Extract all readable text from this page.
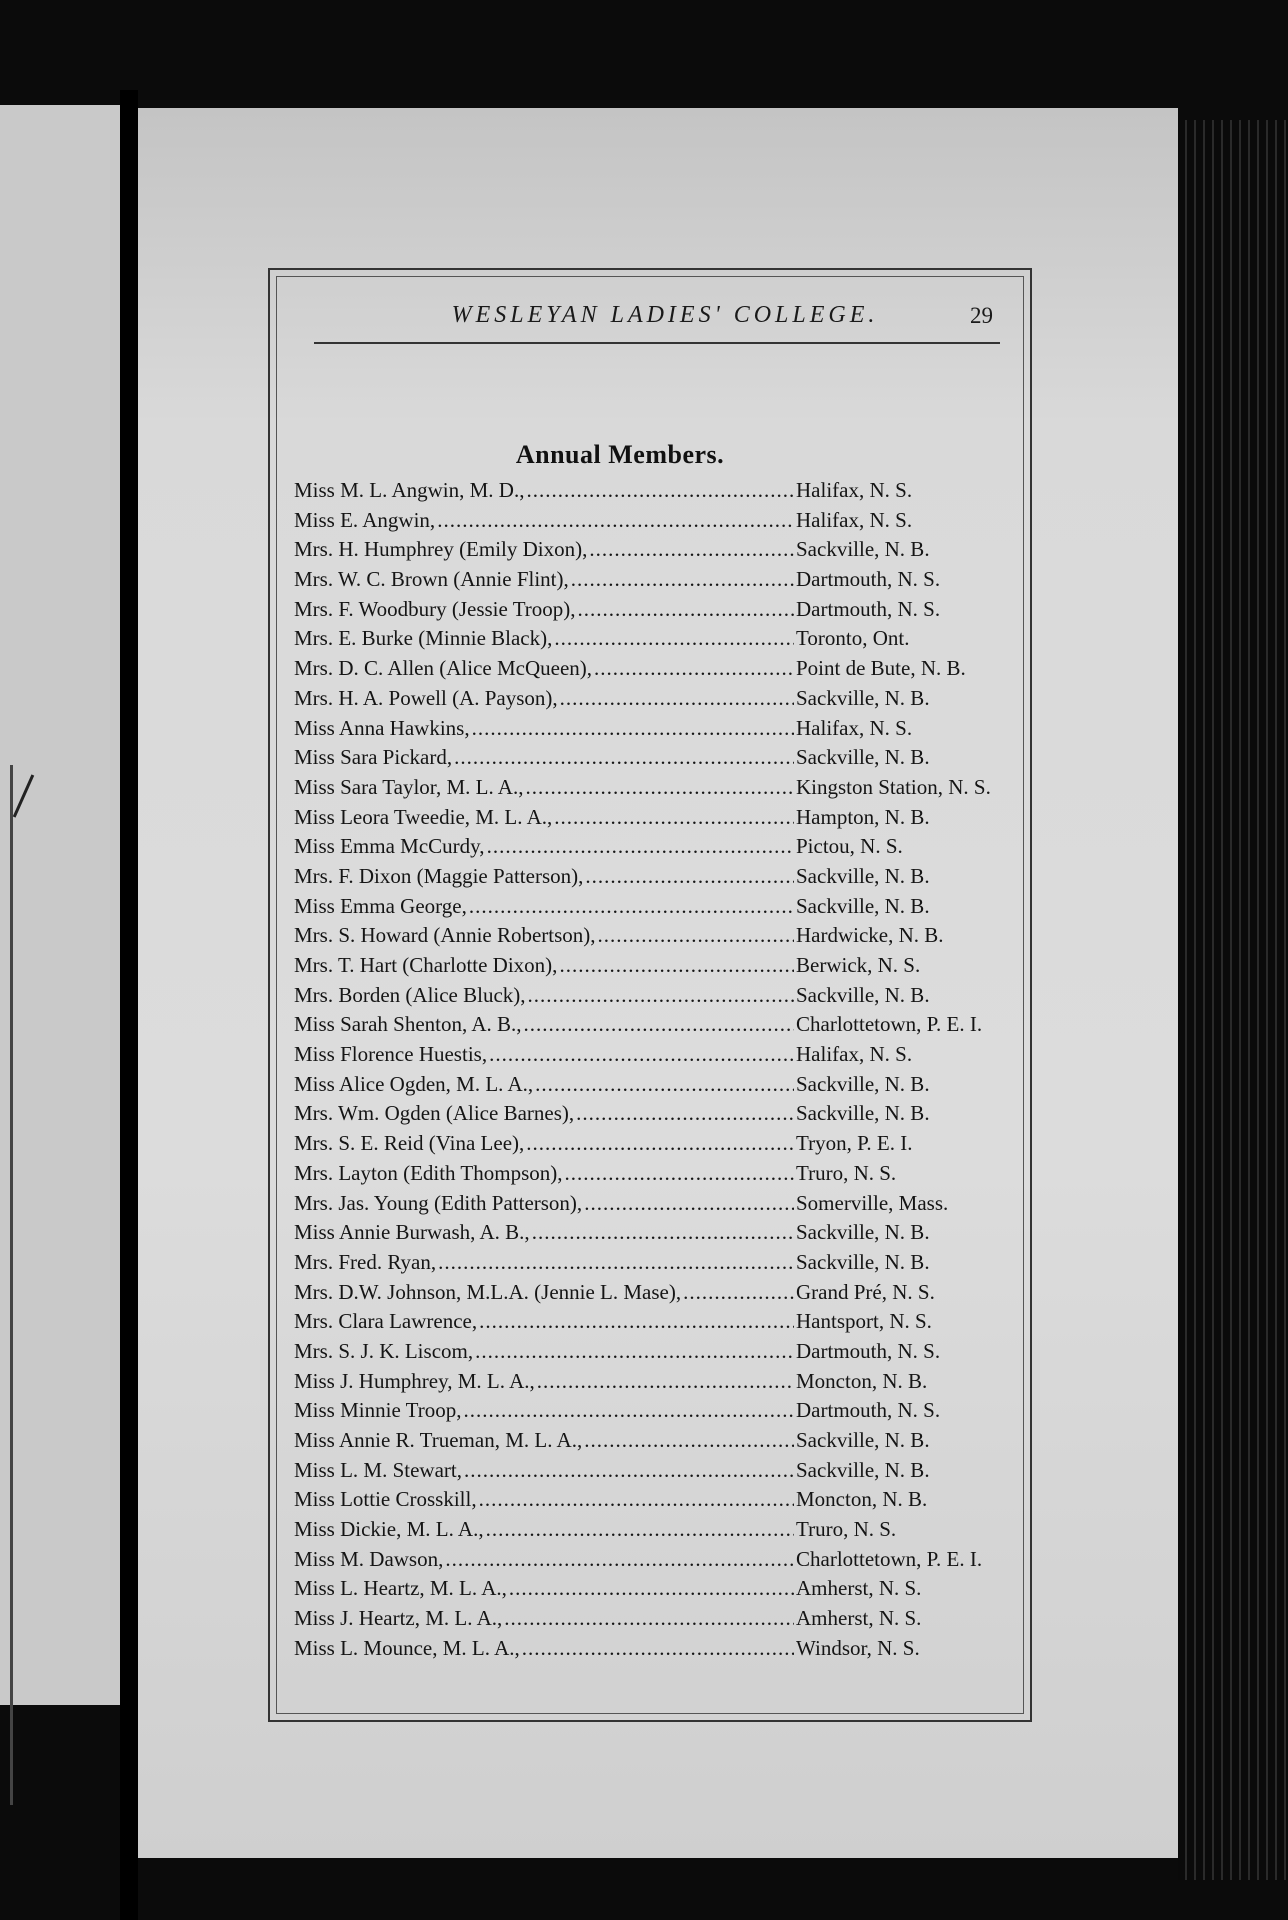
WESLEYAN LADIES' COLLEGE.	29
Annual Members.
Miss M. L. Angwin, M. D., .....	Halifax, N. S.
Miss E. Angwin, .....	Halifax, N. S.
Mrs. H. Humphrey (Emily Dixon), .....	Sackville, N. B.
Mrs. W. C. Brown (Annie Flint), .....	Dartmouth, N. S.
Mrs. F. Woodbury (Jessie Troop), .....	Dartmouth, N. S.
Mrs. E. Burke (Minnie Black), .....	Toronto, Ont.
Mrs. D. C. Allen (Alice McQueen), .....	Point de Bute, N. B.
Mrs. H. A. Powell (A. Payson), .....	Sackville, N. B.
Miss Anna Hawkins, .....	Halifax, N. S.
Miss Sara Pickard, .....	Sackville, N. B.
Miss Sara Taylor, M. L. A., .....	Kingston Station, N. S.
Miss Leora Tweedie, M. L. A., .....	Hampton, N. B.
Miss Emma McCurdy, .....	Pictou, N. S.
Mrs. F. Dixon (Maggie Patterson), .....	Sackville, N. B.
Miss Emma George, .....	Sackville, N. B.
Mrs. S. Howard (Annie Robertson), .....	Hardwicke, N. B.
Mrs. T. Hart (Charlotte Dixon), .....	Berwick, N. S.
Mrs. Borden (Alice Bluck), .....	Sackville, N. B.
Miss Sarah Shenton, A. B., .....	Charlottetown, P. E. I.
Miss Florence Huestis, .....	Halifax, N. S.
Miss Alice Ogden, M. L. A., .....	Sackville, N. B.
Mrs. Wm. Ogden (Alice Barnes), .....	Sackville, N. B.
Mrs. S. E. Reid (Vina Lee), .....	Tryon, P. E. I.
Mrs. Layton (Edith Thompson), .....	Truro, N. S.
Mrs. Jas. Young (Edith Patterson), .....	Somerville, Mass.
Miss Annie Burwash, A. B., .....	Sackville, N. B.
Mrs. Fred. Ryan, .....	Sackville, N. B.
Mrs. D.W. Johnson, M.L.A. (Jennie L. Mase), .....	Grand Pré, N. S.
Mrs. Clara Lawrence, .....	Hantsport, N. S.
Mrs. S. J. K. Liscom, .....	Dartmouth, N. S.
Miss J. Humphrey, M. L. A., .....	Moncton, N. B.
Miss Minnie Troop, .....	Dartmouth, N. S.
Miss Annie R. Trueman, M. L. A., .....	Sackville, N. B.
Miss L. M. Stewart, .....	Sackville, N. B.
Miss Lottie Crosskill, .....	Moncton, N. B.
Miss Dickie, M. L. A., .....	Truro, N. S.
Miss M. Dawson, .....	Charlottetown, P. E. I.
Miss L. Heartz, M. L. A., .....	Amherst, N. S.
Miss J. Heartz, M. L. A., .....	Amherst, N. S.
Miss L. Mounce, M. L. A., .....	Windsor, N. S.
